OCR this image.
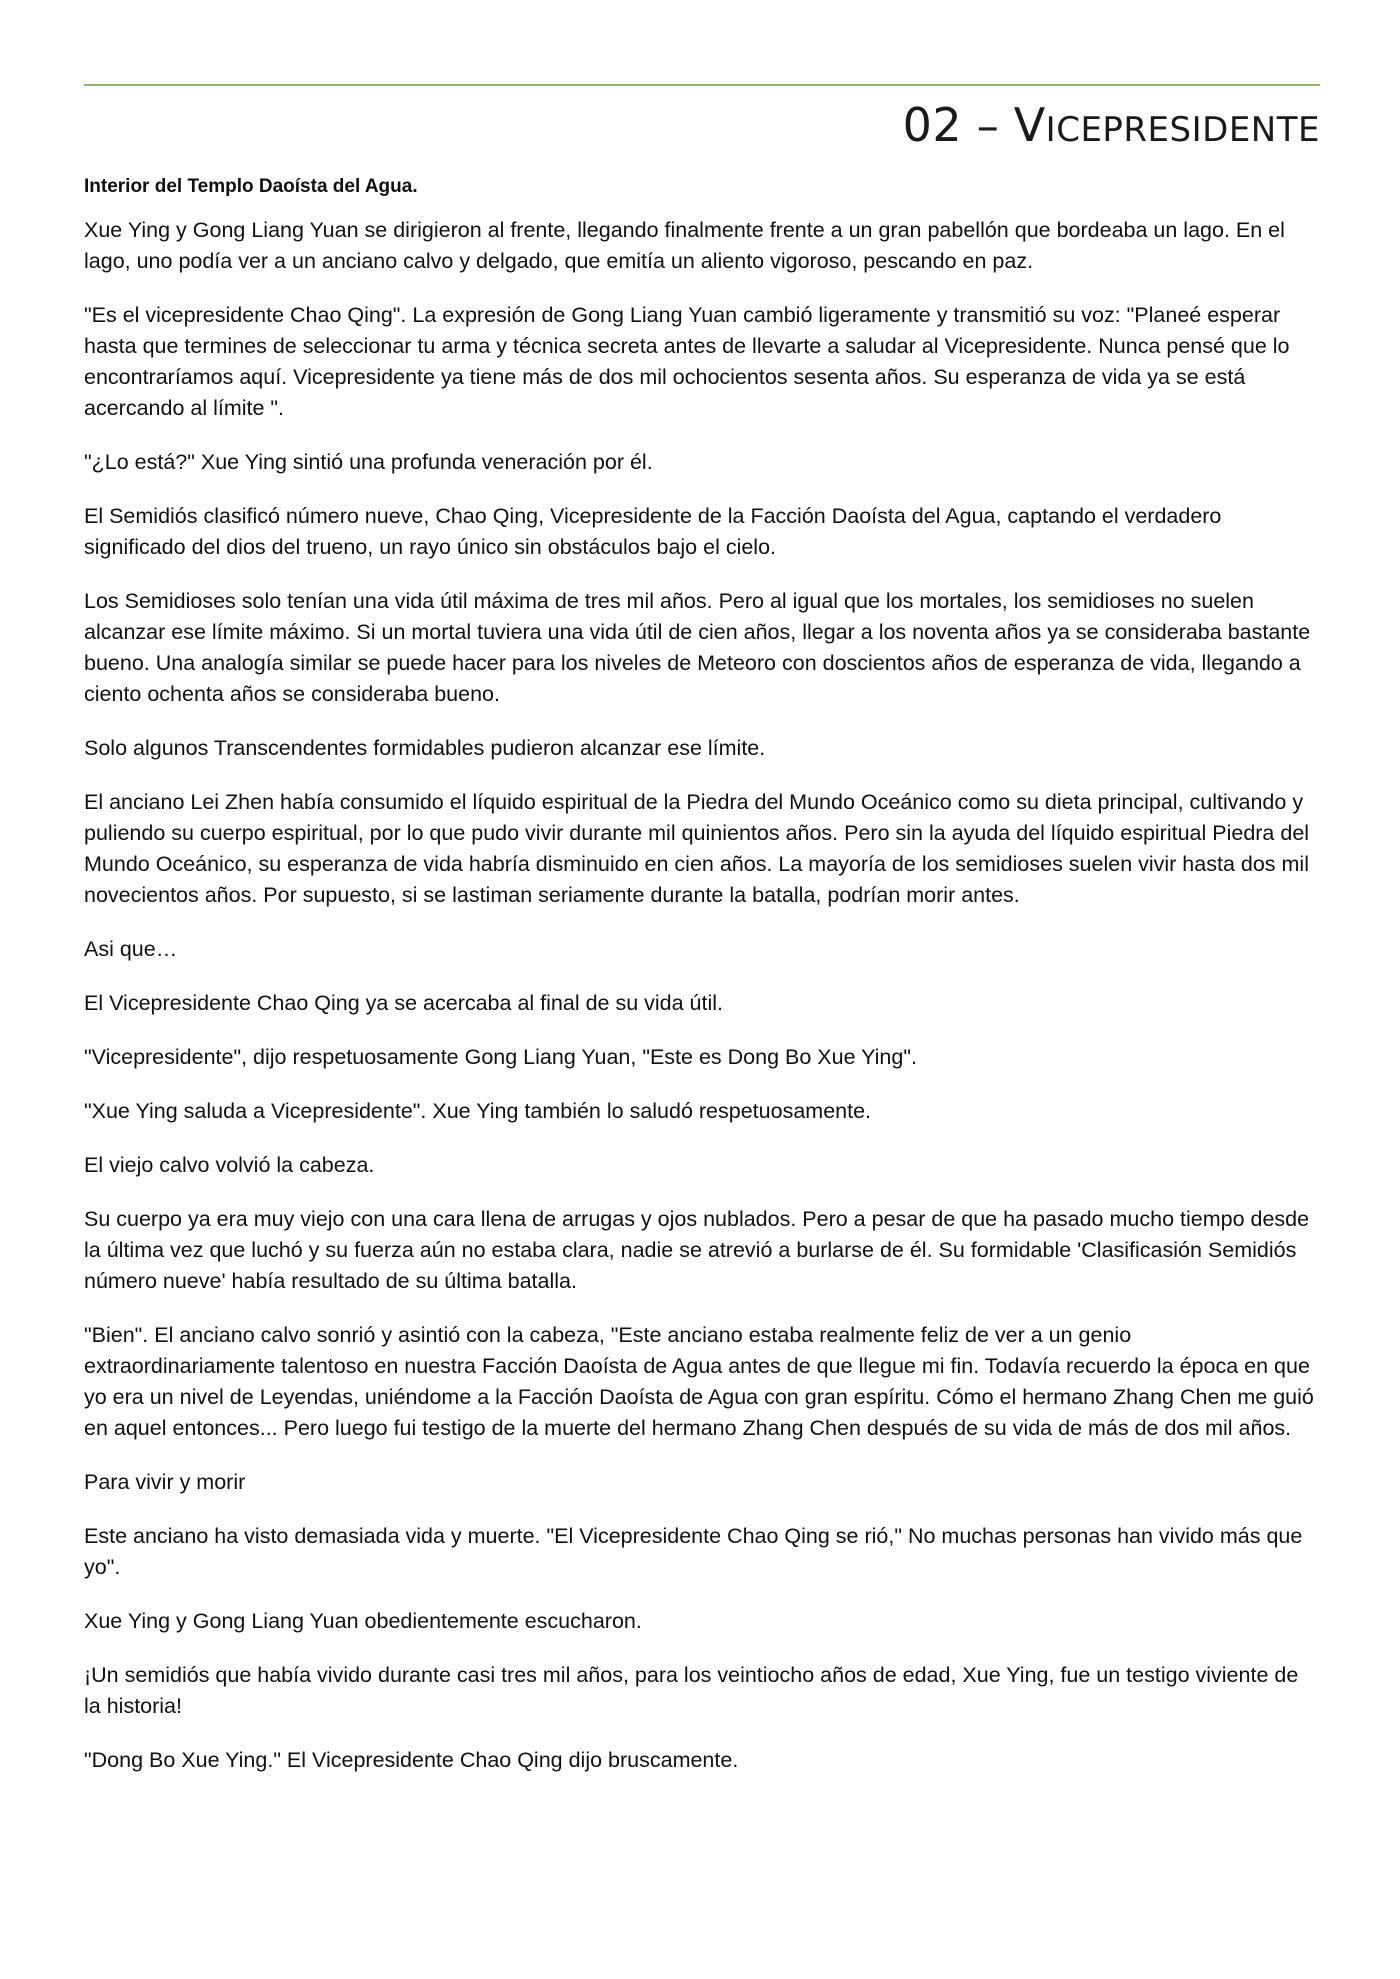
02 – VICEPRESIDENTE
Interior del Templo Daoísta del Agua.

Xue Ying y Gong Liang Yuan se dirigieron al frente, llegando finalmente frente a un gran pabellón que bordeaba un lago. En el lago, uno podía ver a un anciano calvo y delgado, que emitía un aliento vigoroso, pescando en paz.

"Es el vicepresidente Chao Qing". La expresión de Gong Liang Yuan cambió ligeramente y transmitió su voz: "Planeé esperar hasta que termines de seleccionar tu arma y técnica secreta antes de llevarte a saludar al Vicepresidente. Nunca pensé que lo encontraríamos aquí. Vicepresidente ya tiene más de dos mil ochocientos sesenta años. Su esperanza de vida ya se está acercando al límite ".

"¿Lo está?" Xue Ying sintió una profunda veneración por él.

El Semidiós clasificó número nueve, Chao Qing, Vicepresidente de la Facción Daoísta del Agua, captando el verdadero significado del dios del trueno, un rayo único sin obstáculos bajo el cielo.

Los Semidioses solo tenían una vida útil máxima de tres mil años. Pero al igual que los mortales, los semidioses no suelen alcanzar ese límite máximo. Si un mortal tuviera una vida útil de cien años, llegar a los noventa años ya se consideraba bastante bueno. Una analogía similar se puede hacer para los niveles de Meteoro con doscientos años de esperanza de vida, llegando a ciento ochenta años se consideraba bueno.

Solo algunos Transcendentes formidables pudieron alcanzar ese límite.

El anciano Lei Zhen había consumido el líquido espiritual de la Piedra del Mundo Oceánico como su dieta principal, cultivando y puliendo su cuerpo espiritual, por lo que pudo vivir durante mil quinientos años. Pero sin la ayuda del líquido espiritual Piedra del Mundo Oceánico, su esperanza de vida habría disminuido en cien años. La mayoría de los semidioses suelen vivir hasta dos mil novecientos años. Por supuesto, si se lastiman seriamente durante la batalla, podrían morir antes.

Asi que…

El Vicepresidente Chao Qing ya se acercaba al final de su vida útil.

"Vicepresidente", dijo respetuosamente Gong Liang Yuan, "Este es Dong Bo Xue Ying".

"Xue Ying saluda a Vicepresidente". Xue Ying también lo saludó respetuosamente.

El viejo calvo volvió la cabeza.

Su cuerpo ya era muy viejo con una cara llena de arrugas y ojos nublados. Pero a pesar de que ha pasado mucho tiempo desde la última vez que luchó y su fuerza aún no estaba clara, nadie se atrevió a burlarse de él. Su formidable 'Clasificasión Semidiós número nueve' había resultado de su última batalla.

"Bien". El anciano calvo sonrió y asintió con la cabeza, "Este anciano estaba realmente feliz de ver a un genio extraordinariamente talentoso en nuestra Facción Daoísta de Agua antes de que llegue mi fin. Todavía recuerdo la época en que yo era un nivel de Leyendas, uniéndome a la Facción Daoísta de Agua con gran espíritu. Cómo el hermano Zhang Chen me guió en aquel entonces... Pero luego fui testigo de la muerte del hermano Zhang Chen después de su vida de más de dos mil años.

Para vivir y morir

Este anciano ha visto demasiada vida y muerte. "El Vicepresidente Chao Qing se rió," No muchas personas han vivido más que yo".

Xue Ying y Gong Liang Yuan obedientemente escucharon.

¡Un semidiós que había vivido durante casi tres mil años, para los veintiocho años de edad, Xue Ying, fue un testigo viviente de la historia!

"Dong Bo Xue Ying." El Vicepresidente Chao Qing dijo bruscamente.
